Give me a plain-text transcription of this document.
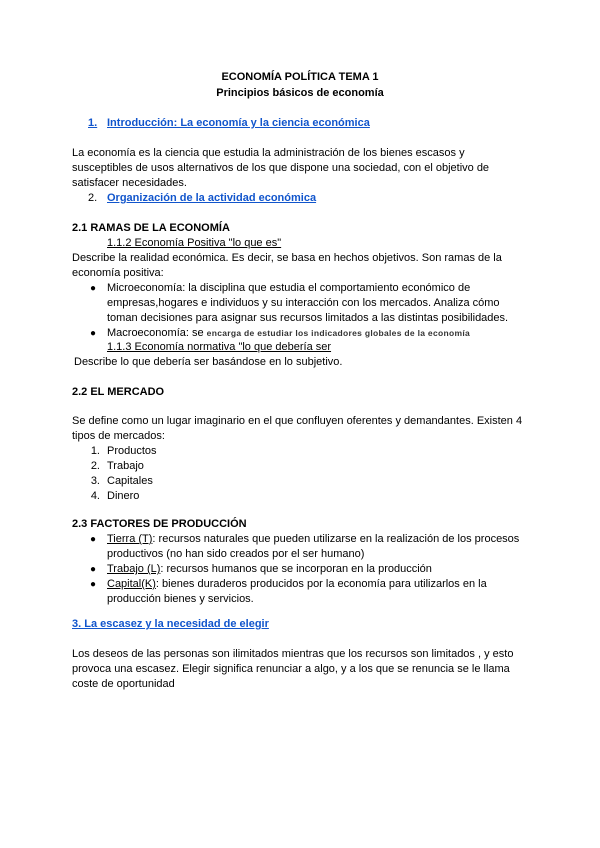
ECONOMÍA POLÍTICA TEMA 1
Principios básicos de economía
1. Introducción: La economía y la ciencia económica
La economía es la ciencia que estudia la administración de los bienes escasos y
susceptibles de usos alternativos de los que dispone una sociedad, con el objetivo de
satisfacer necesidades.
2. Organización de la actividad económica
2.1 RAMAS DE LA ECONOMÍA
1.1.2 Economía Positiva "lo que es"
Describe la realidad económica. Es decir, se basa en hechos objetivos. Son ramas de la
economía positiva:
● Microeconomía: la disciplina que estudia el comportamiento económico de
empresas,hogares e individuos y su interacción con los mercados. Analiza cómo
toman decisiones para asignar sus recursos limitados a las distintas posibilidades.
● Macroeconomía: se encarga de estudiar los indicadores globales de la economía
1.1.3 Economía normativa "lo que debería ser
Describe lo que debería ser basándose en lo subjetivo.
2.2 EL MERCADO
Se define como un lugar imaginario en el que confluyen oferentes y demandantes. Existen 4
tipos de mercados:
1. Productos
2. Trabajo
3. Capitales
4. Dinero
2.3 FACTORES DE PRODUCCIÓN
● Tierra (T): recursos naturales que pueden utilizarse en la realización de los procesos
productivos (no han sido creados por el ser humano)
● Trabajo (L): recursos humanos que se incorporan en la producción
● Capital(K): bienes duraderos producidos por la economía para utilizarlos en la
producción bienes y servicios.
3. La escasez y la necesidad de elegir
Los deseos de las personas son ilimitados mientras que los recursos son limitados , y esto
provoca una escasez. Elegir significa renunciar a algo, y a los que se renuncia se le llama
coste de oportunidad
